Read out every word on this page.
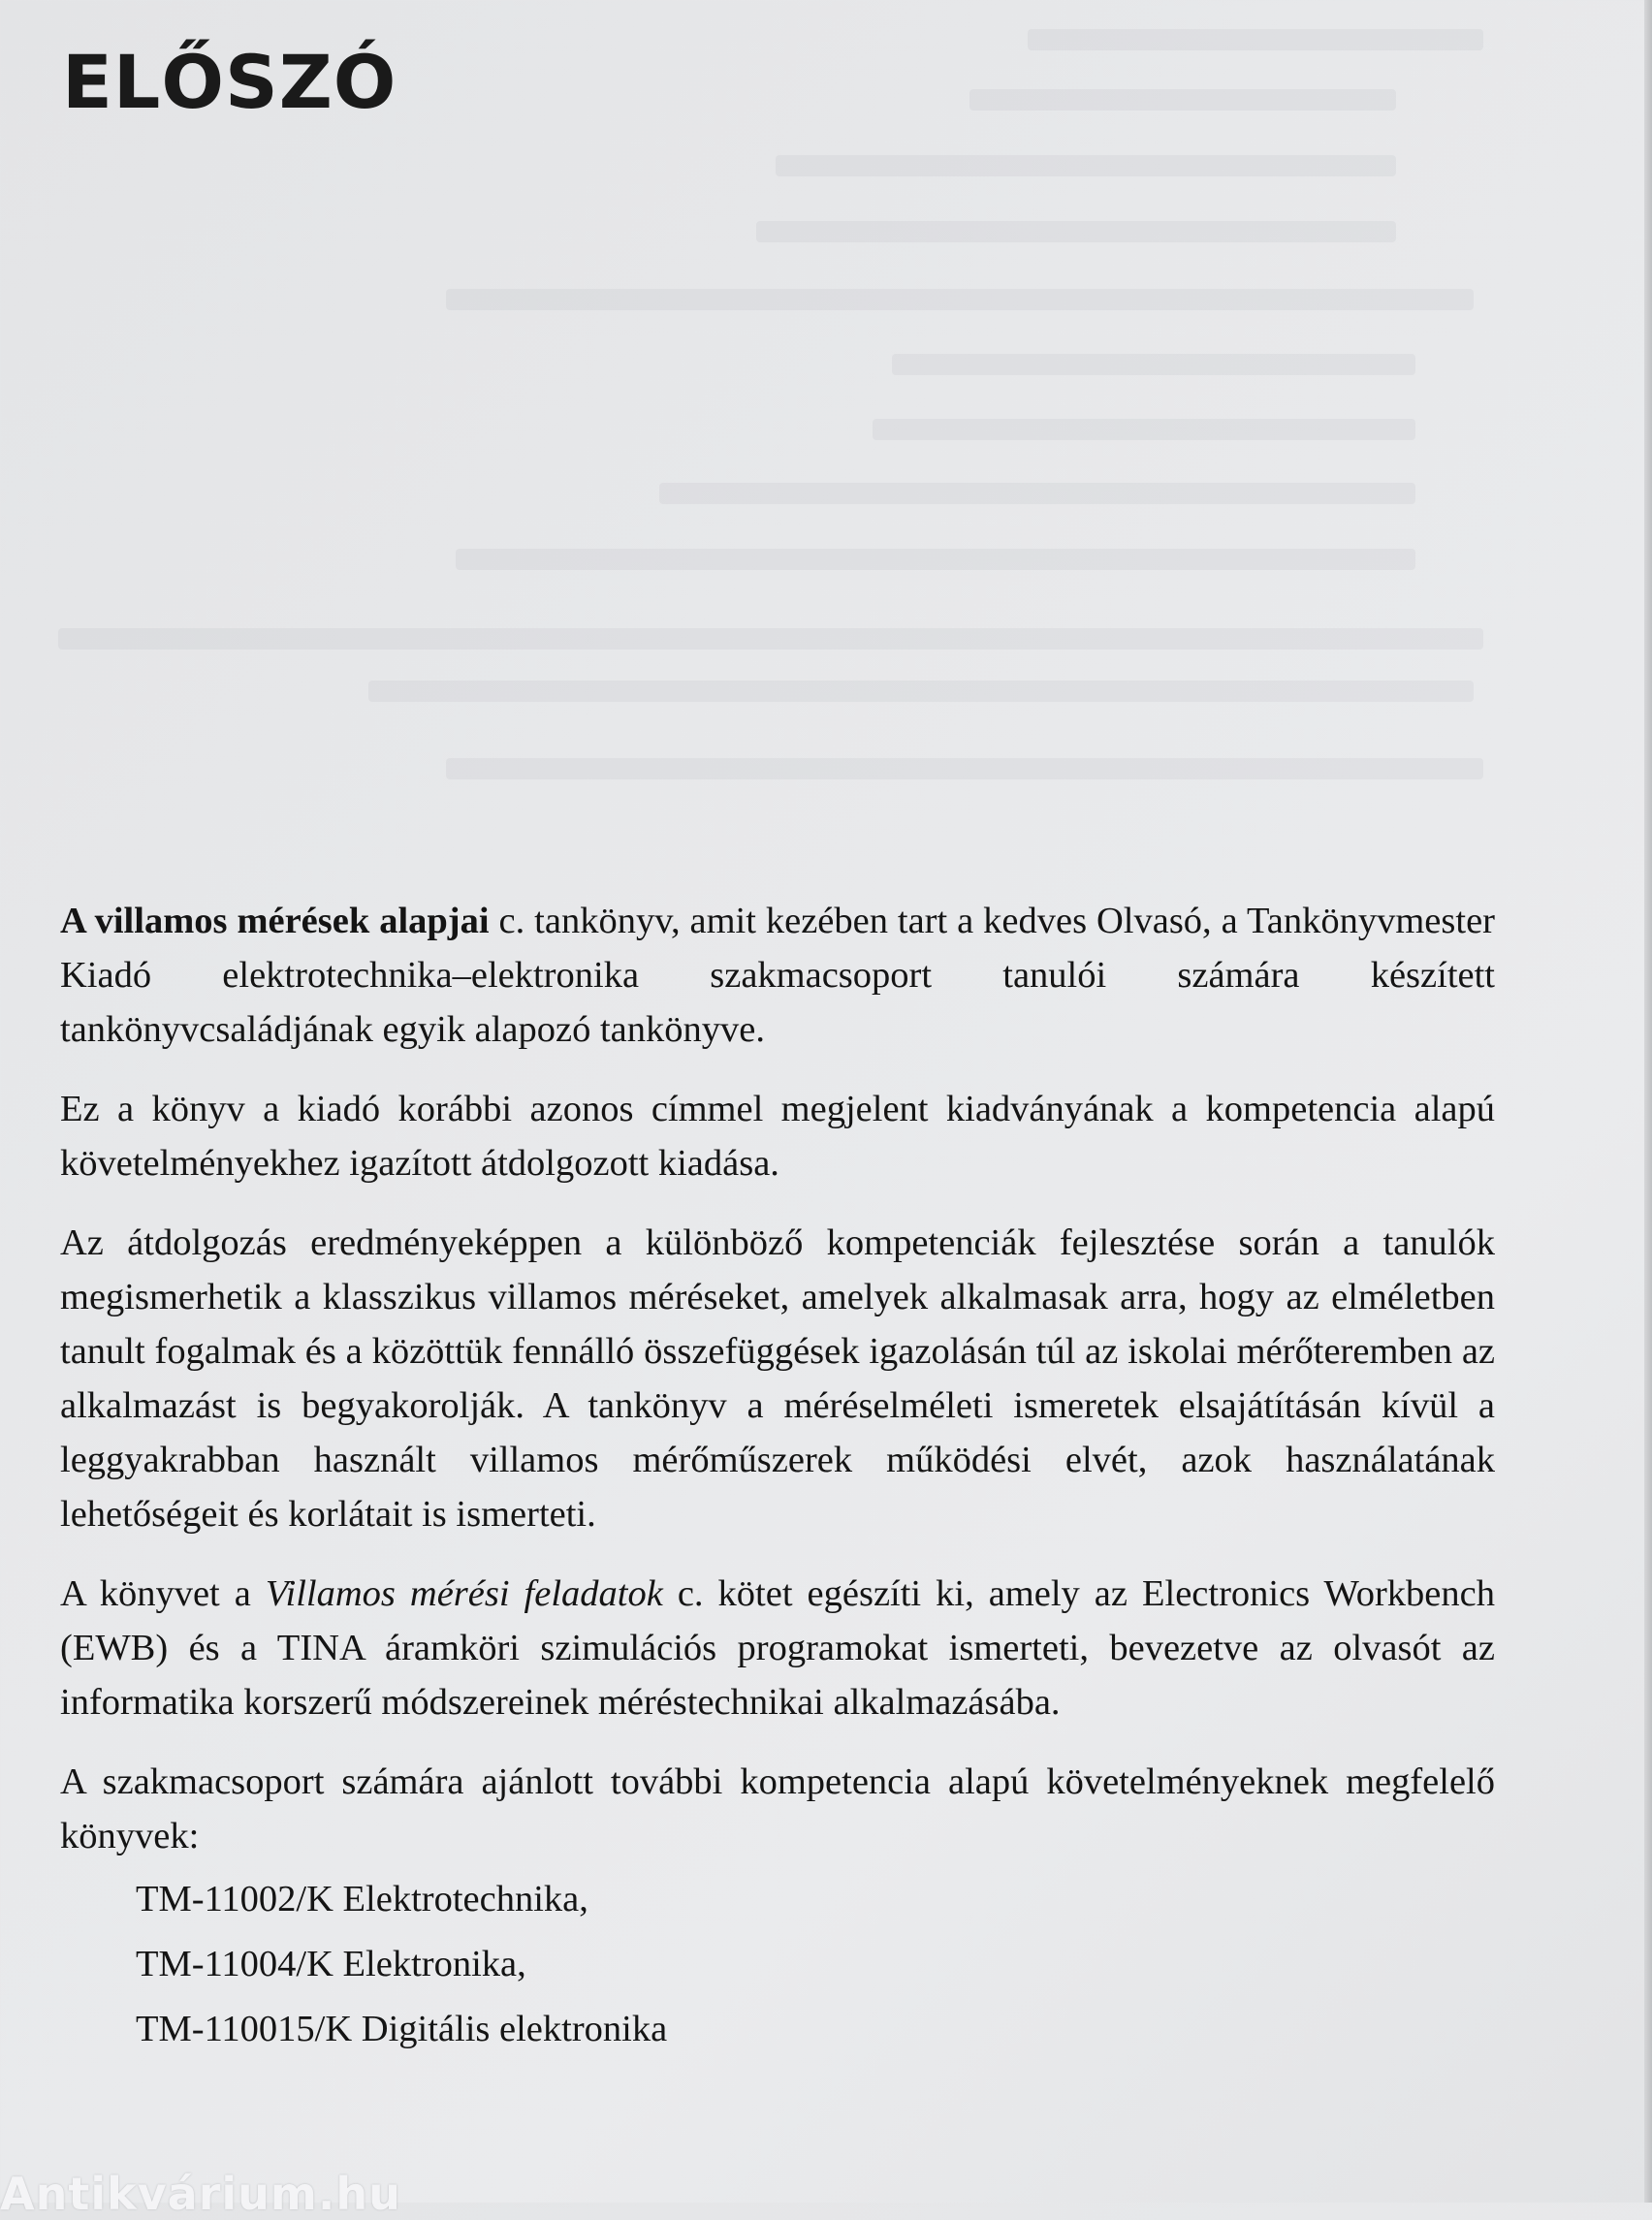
ELŐSZÓ

A villamos mérések alapjai c. tankönyv, amit kezében tart a kedves Olvasó, a Tankönyvmester Kiadó elektrotechnika–elektronika szakmacsoport tanulói számára készített tankönyvcsaládjának egyik alapozó tankönyve.

Ez a könyv a kiadó korábbi azonos címmel megjelent kiadványának a kompetencia alapú követelményekhez igazított átdolgozott kiadása.

Az átdolgozás eredményeképpen a különböző kompetenciák fejlesztése során a tanulók megismerhetik a klasszikus villamos méréseket, amelyek alkalmasak arra, hogy az elméletben tanult fogalmak és a közöttük fennálló összefüggések igazolásán túl az iskolai mérőteremben az alkalmazást is begyakorolják. A tankönyv a méréselméleti ismeretek elsajátításán kívül a leggyakrabban használt villamos mérőműszerek működési elvét, azok használatának lehetőségeit és korlátait is ismerteti.

A könyvet a Villamos mérési feladatok c. kötet egészíti ki, amely az Electronics Workbench (EWB) és a TINA áramköri szimulációs programokat ismerteti, bevezetve az olvasót az informatika korszerű módszereinek méréstechnikai alkalmazásába.

A szakmacsoport számára ajánlott további kompetencia alapú követelményeknek megfelelő könyvek:

TM-11002/K Elektrotechnika,
TM-11004/K Elektronika,
TM-110015/K Digitális elektronika
Antikvárium.hu
